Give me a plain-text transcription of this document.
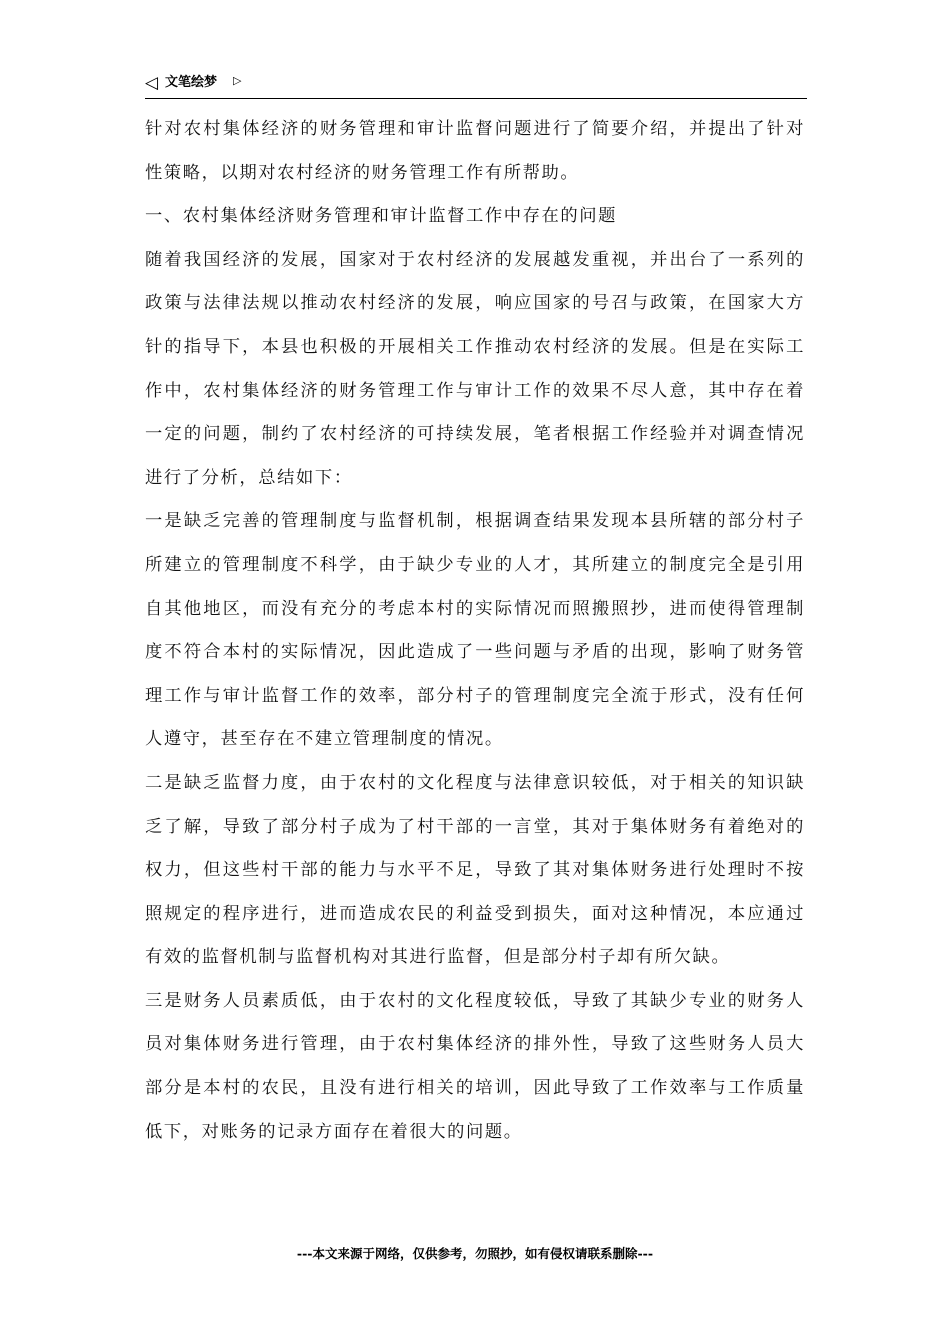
◁ 文笔绘梦 ▷

针对农村集体经济的财务管理和审计监督问题进行了简要介绍，并提出了针对性策略，以期对农村经济的财务管理工作有所帮助。

一、农村集体经济财务管理和审计监督工作中存在的问题

随着我国经济的发展，国家对于农村经济的发展越发重视，并出台了一系列的政策与法律法规以推动农村经济的发展，响应国家的号召与政策，在国家大方针的指导下，本县也积极的开展相关工作推动农村经济的发展。但是在实际工作中，农村集体经济的财务管理工作与审计工作的效果不尽人意，其中存在着一定的问题，制约了农村经济的可持续发展，笔者根据工作经验并对调查情况进行了分析，总结如下：

一是缺乏完善的管理制度与监督机制，根据调查结果发现本县所辖的部分村子所建立的管理制度不科学，由于缺少专业的人才，其所建立的制度完全是引用自其他地区，而没有充分的考虑本村的实际情况而照搬照抄，进而使得管理制度不符合本村的实际情况，因此造成了一些问题与矛盾的出现，影响了财务管理工作与审计监督工作的效率，部分村子的管理制度完全流于形式，没有任何人遵守，甚至存在不建立管理制度的情况。

二是缺乏监督力度，由于农村的文化程度与法律意识较低，对于相关的知识缺乏了解，导致了部分村子成为了村干部的一言堂，其对于集体财务有着绝对的权力，但这些村干部的能力与水平不足，导致了其对集体财务进行处理时不按照规定的程序进行，进而造成农民的利益受到损失，面对这种情况，本应通过有效的监督机制与监督机构对其进行监督，但是部分村子却有所欠缺。

三是财务人员素质低，由于农村的文化程度较低，导致了其缺少专业的财务人员对集体财务进行管理，由于农村集体经济的排外性，导致了这些财务人员大部分是本村的农民，且没有进行相关的培训，因此导致了工作效率与工作质量低下，对账务的记录方面存在着很大的问题。

---本文来源于网络，仅供参考，勿照抄，如有侵权请联系删除---
